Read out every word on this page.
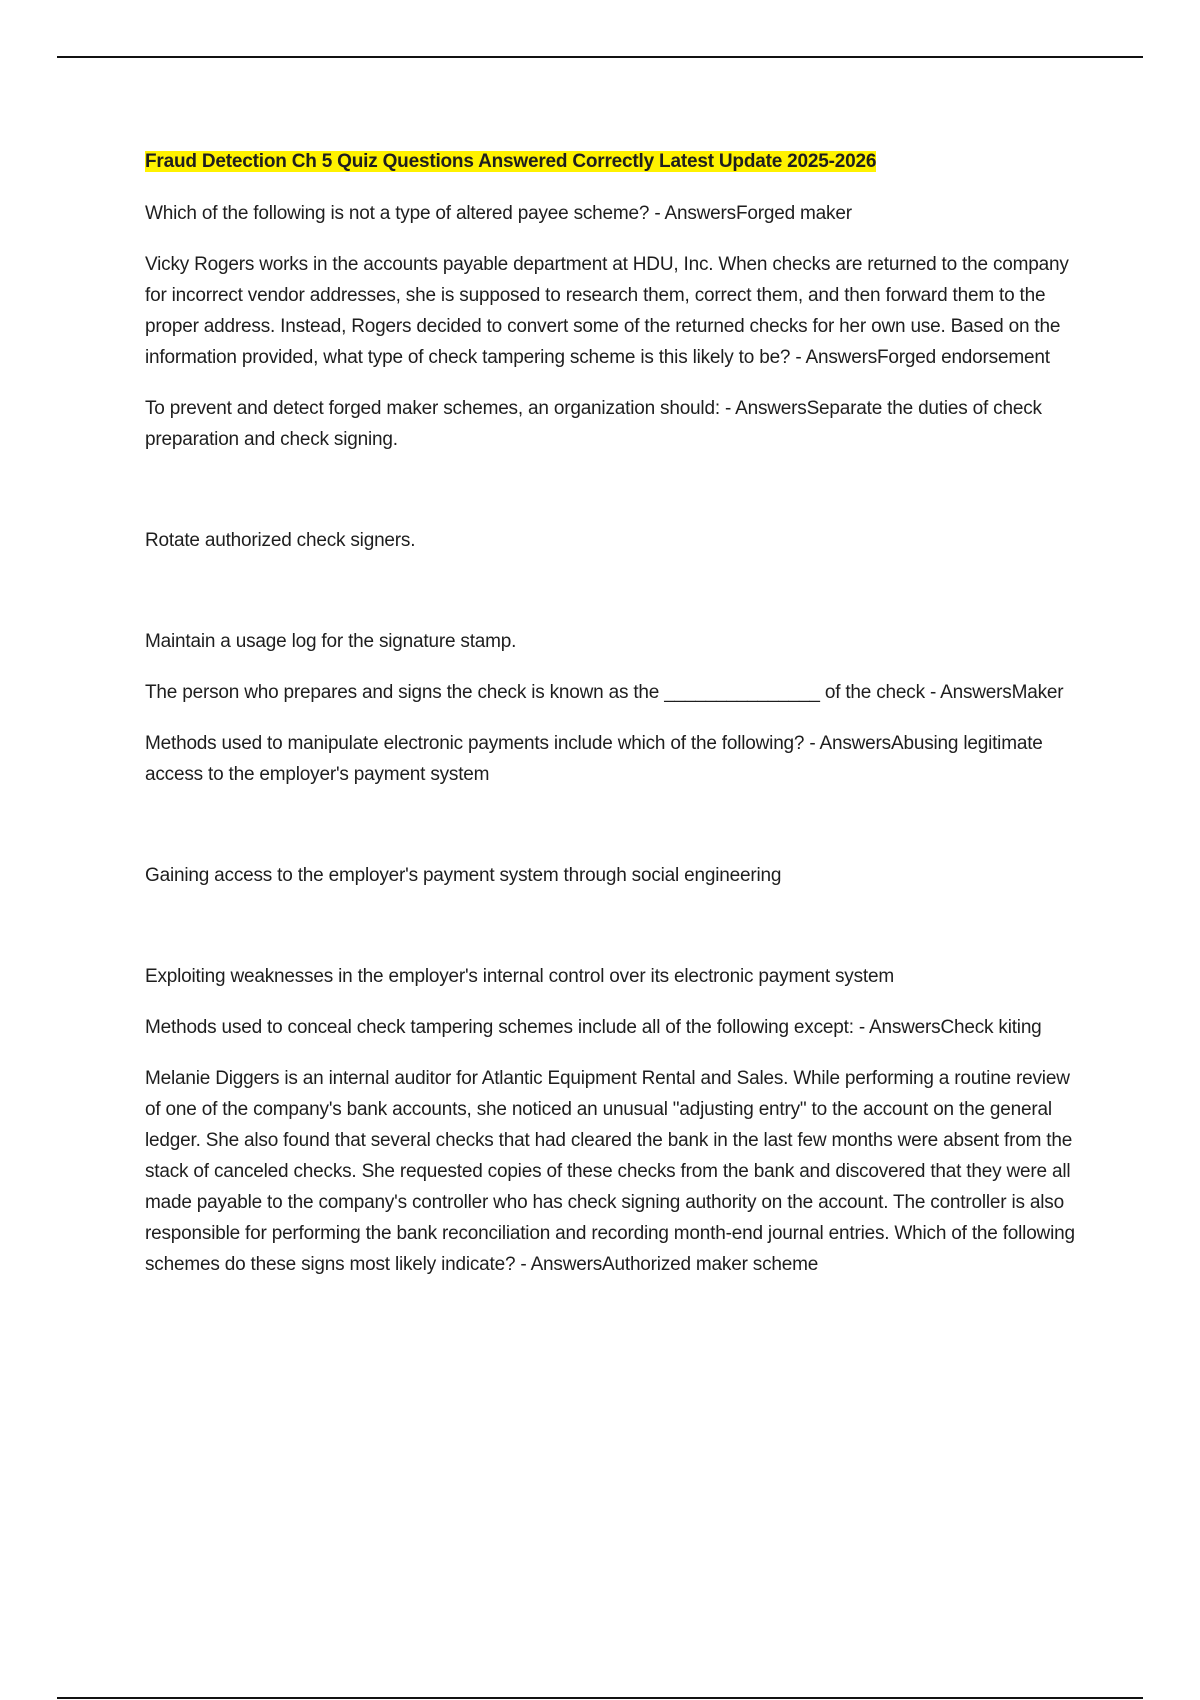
Fraud Detection Ch 5 Quiz Questions Answered Correctly Latest Update 2025-2026

Which of the following is not a type of altered payee scheme? - AnswersForged maker

Vicky Rogers works in the accounts payable department at HDU, Inc. When checks are returned to the company for incorrect vendor addresses, she is supposed to research them, correct them, and then forward them to the proper address. Instead, Rogers decided to convert some of the returned checks for her own use. Based on the information provided, what type of check tampering scheme is this likely to be? - AnswersForged endorsement

To prevent and detect forged maker schemes, an organization should: - AnswersSeparate the duties of check preparation and check signing.

Rotate authorized check signers.

Maintain a usage log for the signature stamp.

The person who prepares and signs the check is known as the _______________ of the check - AnswersMaker

Methods used to manipulate electronic payments include which of the following? - AnswersAbusing legitimate access to the employer's payment system

Gaining access to the employer's payment system through social engineering

Exploiting weaknesses in the employer's internal control over its electronic payment system

Methods used to conceal check tampering schemes include all of the following except: - AnswersCheck kiting

Melanie Diggers is an internal auditor for Atlantic Equipment Rental and Sales. While performing a routine review of one of the company's bank accounts, she noticed an unusual "adjusting entry" to the account on the general ledger. She also found that several checks that had cleared the bank in the last few months were absent from the stack of canceled checks. She requested copies of these checks from the bank and discovered that they were all made payable to the company's controller who has check signing authority on the account. The controller is also responsible for performing the bank reconciliation and recording month-end journal entries. Which of the following schemes do these signs most likely indicate? - AnswersAuthorized maker scheme
